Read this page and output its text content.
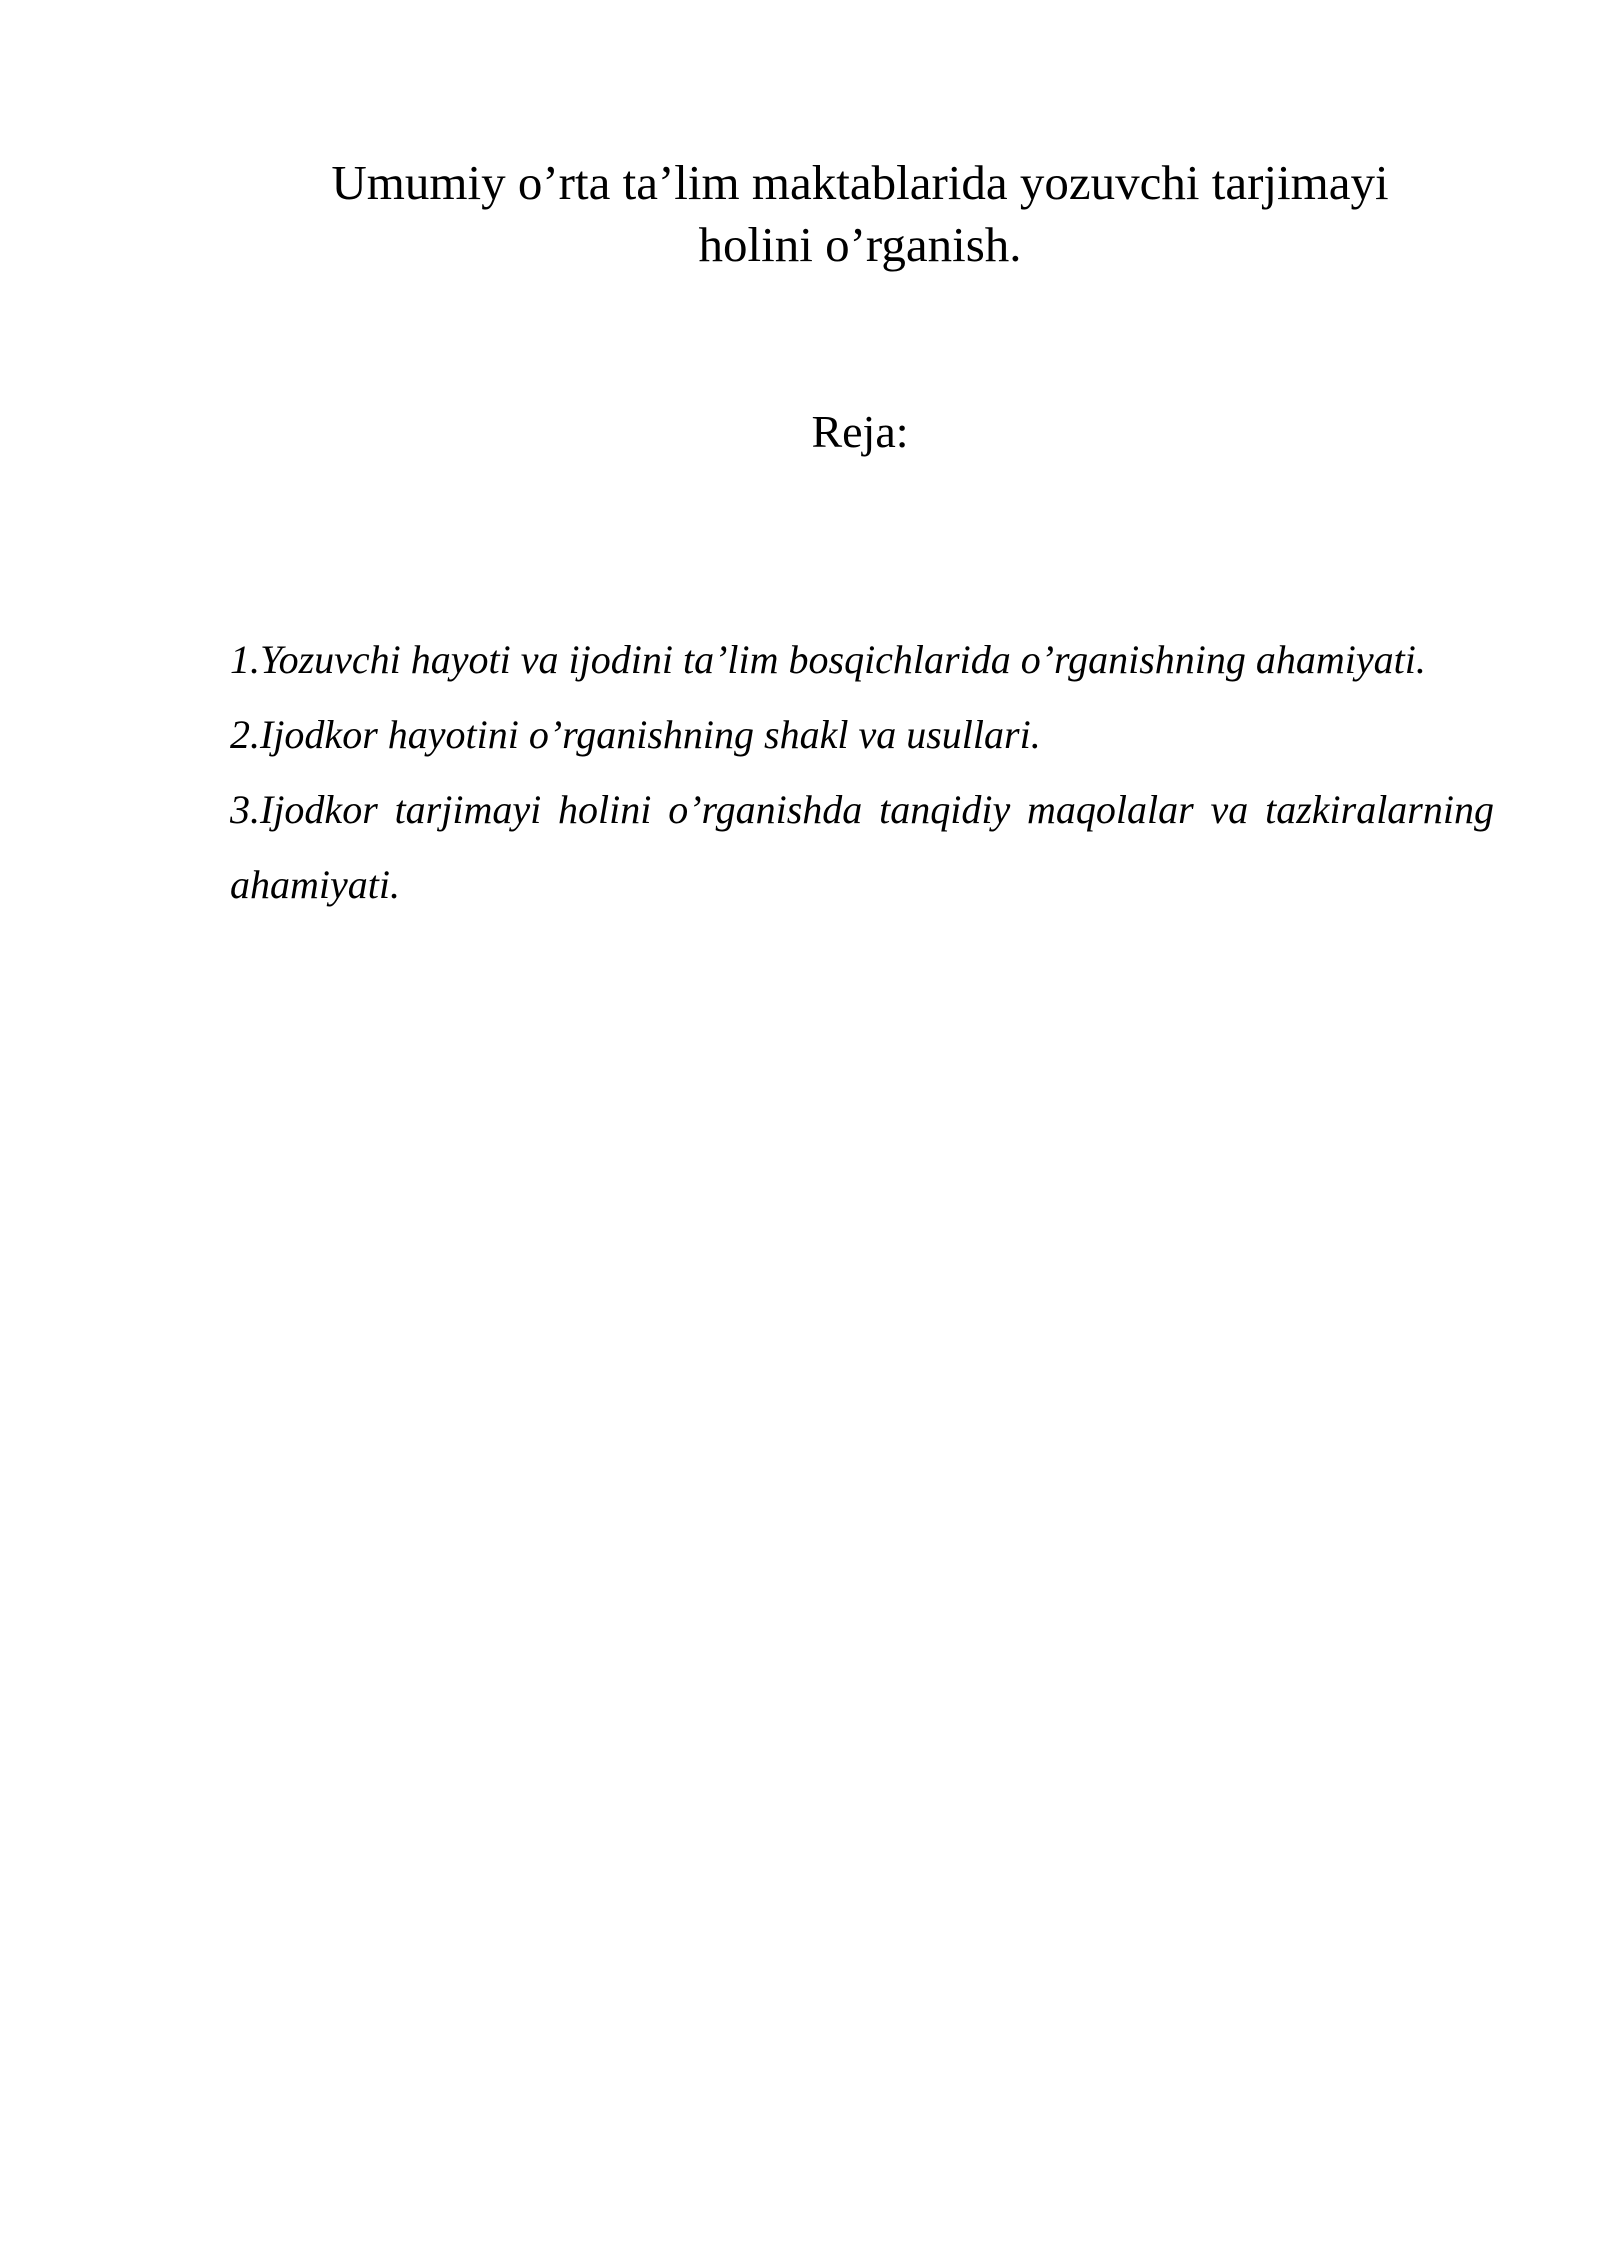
Umumiy o’rta ta’lim maktablarida yozuvchi tarjimayi
holini o’rganish.
Reja:
1.Yozuvchi hayoti va ijodini ta’lim bosqichlarida o’rganishning ahamiyati.
2.Ijodkor hayotini o’rganishning shakl va usullari.
3.Ijodkor tarjimayi holini o’rganishda tanqidiy maqolalar va tazkiralarning ahamiyati.
